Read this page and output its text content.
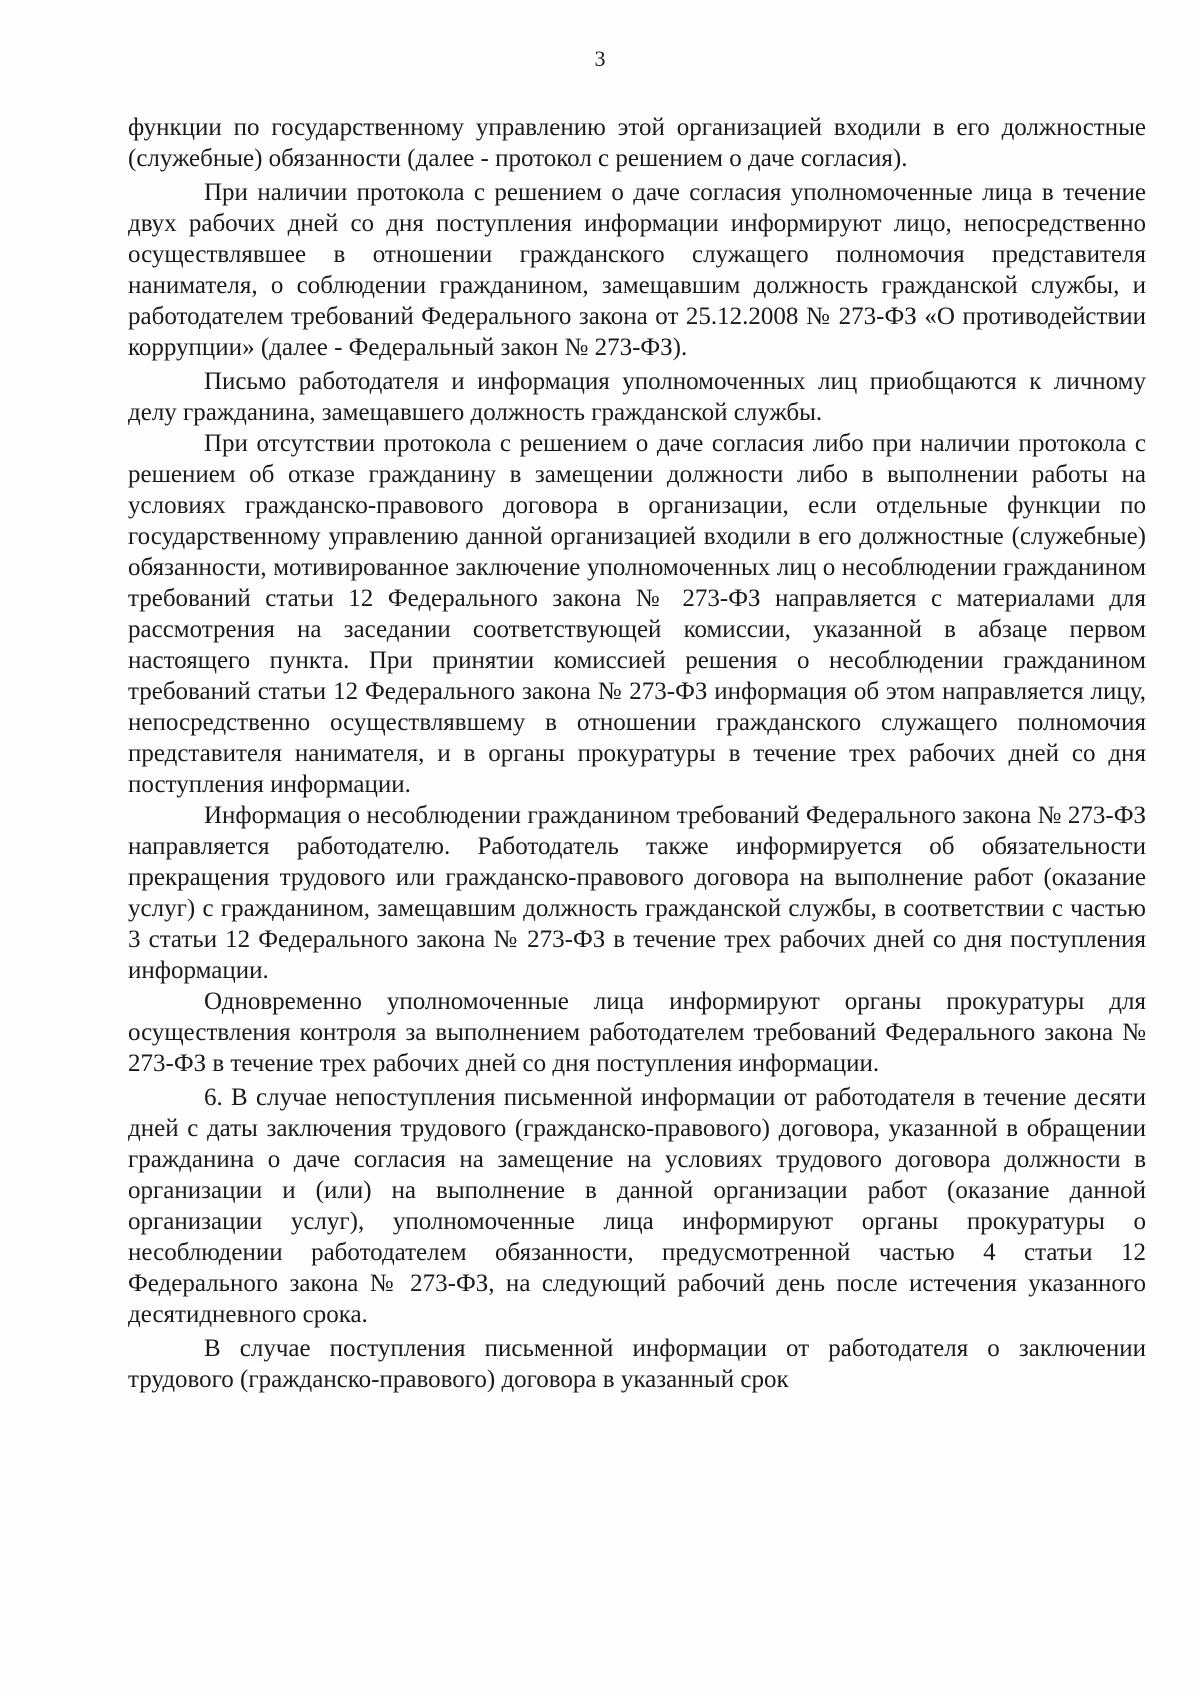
3

функции по государственному управлению этой организацией входили в его должностные (служебные) обязанности (далее - протокол с решением о даче согласия).

При наличии протокола с решением о даче согласия уполномоченные лица в течение двух рабочих дней со дня поступления информации информируют лицо, непосредственно осуществлявшее в отношении гражданского служащего полномочия представителя нанимателя, о соблюдении гражданином, замещавшим должность гражданской службы, и работодателем требований Федерального закона от 25.12.2008 № 273-ФЗ «О противодействии коррупции» (далее - Федеральный закон № 273-ФЗ).

Письмо работодателя и информация уполномоченных лиц приобщаются к личному делу гражданина, замещавшего должность гражданской службы.

При отсутствии протокола с решением о даче согласия либо при наличии протокола с решением об отказе гражданину в замещении должности либо в выполнении работы на условиях гражданско-правового договора в организации, если отдельные функции по государственному управлению данной организацией входили в его должностные (служебные) обязанности, мотивированное заключение уполномоченных лиц о несоблюдении гражданином требований статьи 12 Федерального закона № 273-ФЗ направляется с материалами для рассмотрения на заседании соответствующей комиссии, указанной в абзаце первом настоящего пункта. При принятии комиссией решения о несоблюдении гражданином требований статьи 12 Федерального закона № 273-ФЗ информация об этом направляется лицу, непосредственно осуществлявшему в отношении гражданского служащего полномочия представителя нанимателя, и в органы прокуратуры в течение трех рабочих дней со дня поступления информации.

Информация о несоблюдении гражданином требований Федерального закона № 273-ФЗ направляется работодателю. Работодатель также информируется об обязательности прекращения трудового или гражданско-правового договора на выполнение работ (оказание услуг) с гражданином, замещавшим должность гражданской службы, в соответствии с частью 3 статьи 12 Федерального закона № 273-ФЗ в течение трех рабочих дней со дня поступления информации.

Одновременно уполномоченные лица информируют органы прокуратуры для осуществления контроля за выполнением работодателем требований Федерального закона № 273-ФЗ в течение трех рабочих дней со дня поступления информации.

6. В случае непоступления письменной информации от работодателя в течение десяти дней с даты заключения трудового (гражданско-правового) договора, указанной в обращении гражданина о даче согласия на замещение на условиях трудового договора должности в организации и (или) на выполнение в данной организации работ (оказание данной организации услуг), уполномоченные лица информируют органы прокуратуры о несоблюдении работодателем обязанности, предусмотренной частью 4 статьи 12 Федерального закона № 273-ФЗ, на следующий рабочий день после истечения указанного десятидневного срока.

В случае поступления письменной информации от работодателя о заключении трудового (гражданско-правового) договора в указанный срок
